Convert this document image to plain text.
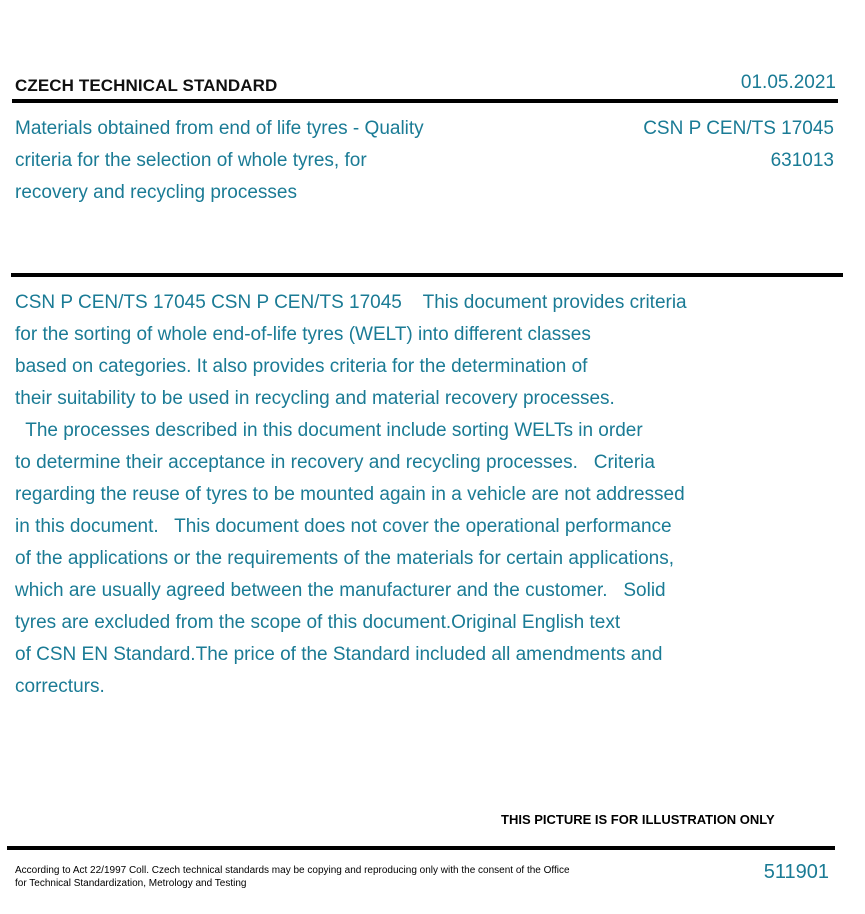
CZECH TECHNICAL STANDARD	01.05.2021
Materials obtained from end of life tyres - Quality
criteria for the selection of whole tyres, for
recovery and recycling processes
CSN P CEN/TS 17045
631013
CSN P CEN/TS 17045 CSN P CEN/TS 17045    This document provides criteria
for the sorting of whole end-of-life tyres (WELT) into different classes
based on categories. It also provides criteria for the determination of
their suitability to be used in recycling and material recovery processes.
The processes described in this document include sorting WELTs in order
to determine their acceptance in recovery and recycling processes.   Criteria
regarding the reuse of tyres to be mounted again in a vehicle are not addressed
in this document.   This document does not cover the operational performance
of the applications or the requirements of the materials for certain applications,
which are usually agreed between the manufacturer and the customer.   Solid
tyres are excluded from the scope of this document.Original English text
of CSN EN Standard.The price of the Standard included all amendments and
correcturs.
THIS PICTURE IS FOR ILLUSTRATION ONLY
According to Act 22/1997 Coll. Czech technical standards may be copying and reproducing only with the consent of the Office
for Technical Standardization, Metrology and Testing
511901
